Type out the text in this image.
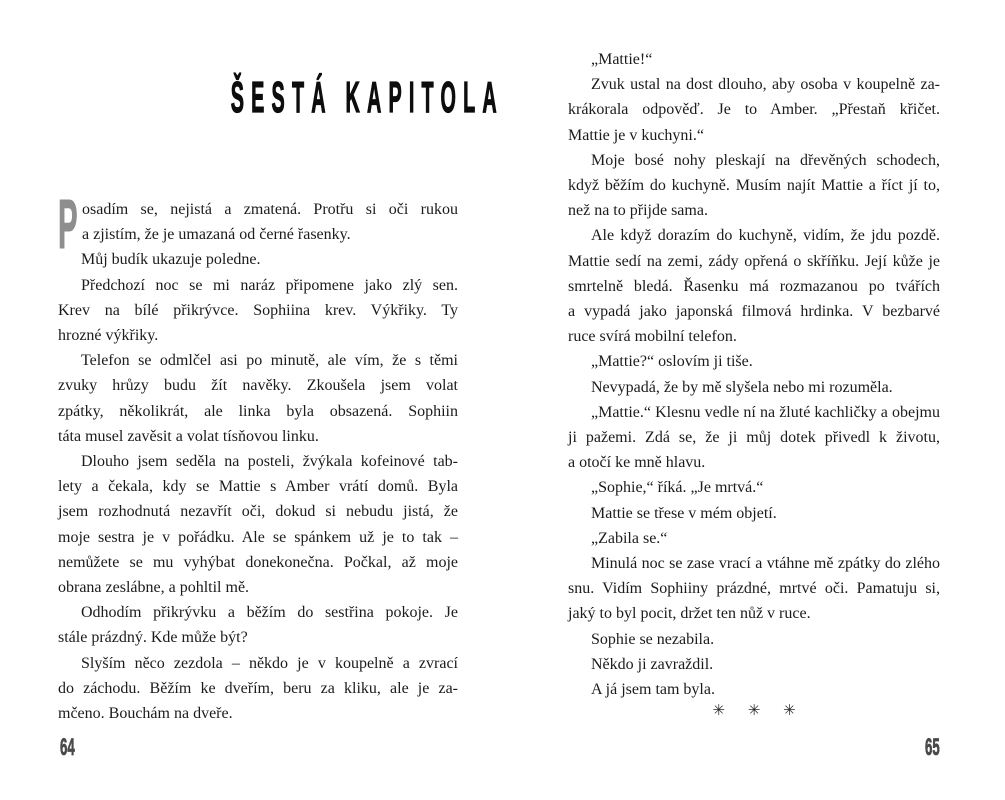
ŠESTÁ KAPITOLA
P osadím se, nejistá a zmatená. Protřu si oči rukou
a zjistím, že je umazaná od černé řasenky.
Můj budík ukazuje poledne.
Předchozí noc se mi naráz připomene jako zlý sen.
Krev na bílé přikrývce. Sophiina krev. Výkřiky. Ty
hrozné výkřiky.
Telefon se odmlčel asi po minutě, ale vím, že s těmi
zvuky hrůzy budu žít navěky. Zkoušela jsem volat
zpátky, několikrát, ale linka byla obsazená. Sophiin
táta musel zavěsit a volat tísňovou linku.
Dlouho jsem seděla na posteli, žvýkala kofeinové tab-
lety a čekala, kdy se Mattie s Amber vrátí domů. Byla
jsem rozhodnutá nezavřít oči, dokud si nebudu jistá, že
moje sestra je v pořádku. Ale se spánkem už je to tak –
nemůžete se mu vyhýbat donekonečna. Počkal, až moje
obrana zeslábne, a pohltil mě.
Odhodím přikrývku a běžím do sestřina pokoje. Je
stále prázdný. Kde může být?
Slyším něco zezdola – někdo je v koupelně a zvrací
do záchodu. Běžím ke dveřím, beru za kliku, ale je za-
mčeno. Bouchám na dveře.
64
„Mattie!“
Zvuk ustal na dost dlouho, aby osoba v koupelně za-
krákorala odpověď. Je to Amber. „Přestaň křičet.
Mattie je v kuchyni.“
Moje bosé nohy pleskají na dřevěných schodech,
když běžím do kuchyně. Musím najít Mattie a říct jí to,
než na to přijde sama.
Ale když dorazím do kuchyně, vidím, že jdu pozdě.
Mattie sedí na zemi, zády opřená o skříňku. Její kůže je
smrtelně bledá. Řasenku má rozmazanou po tvářích
a vypadá jako japonská filmová hrdinka. V bezbarvé
ruce svírá mobilní telefon.
„Mattie?“ oslovím ji tiše.
Nevypadá, že by mě slyšela nebo mi rozuměla.
„Mattie.“ Klesnu vedle ní na žluté kachličky a obejmu
ji pažemi. Zdá se, že ji můj dotek přivedl k životu,
a otočí ke mně hlavu.
„Sophie,“ říká. „Je mrtvá.“
Mattie se třese v mém objetí.
„Zabila se.“
Minulá noc se zase vrací a vtáhne mě zpátky do zlého
snu. Vidím Sophiiny prázdné, mrtvé oči. Pamatuju si,
jaký to byl pocit, držet ten nůž v ruce.
Sophie se nezabila.
Někdo ji zavraždil.
A já jsem tam byla.
✳ ✳ ✳
65
